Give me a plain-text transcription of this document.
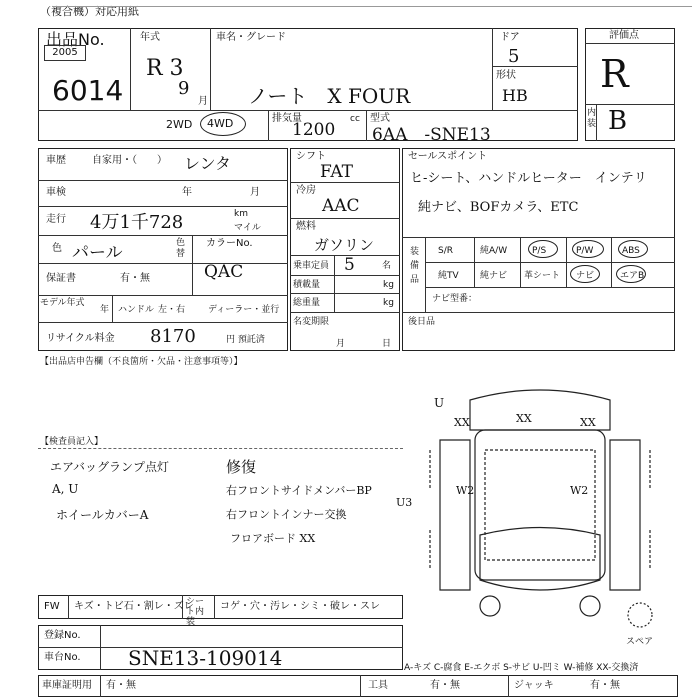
（複合機）対応用紙
出品No.
2005
6014
年式
R 3
9
月
車名・グレード
ノート　X FOUR
ドア
5
形状
HB
2WD 4WD	排気量
1200
cc 型式
6AA　-SNE13
評価点
R
内装 B
車歴	自家用・（　　） レンタ
車検	年	月
走行 4万1千728	km
マイル
色 パール	色替
カラーNo.
QAC
保証書	有・無
モデル年式
年 ハンドル 左・右	ディーラー・並行
リサイクル料金 8170	円 預託済
シフト
FAT
冷房
AAC
燃料
ガソリン
乗車定員 5	名
積載量	kg
総重量	kg
名変期限
月	日
セールスポイント
ヒ-シート、ハンドルヒーター　インテリ
純ナビ、BOFカメラ、ETC
装備品
S/R	純A/W	P/S	P/W	ABS
純TV 純ナビ 革シート ナビ	エアB
ナビ型番：
後日品
【出品店申告欄（不良箇所・欠品・注意事項等）】
【検査員記入】
エアバッグランプ点灯
A, U
ホイールカバーA
修復
右フロントサイドメンバーBP
右フロントインナー交換
フロアボード XX
U
XX
XX	XX
W2	W2
U3
スペア
A-キズ C-腐食 E-エクボ S-サビ U-凹ミ W-補修 XX-交換済
FW キズ・トビ石・割レ・ズレ
シート内装
コゲ・穴・汚レ・シミ・破レ・スレ
登録No.
車台No. SNE13-109014
車庫証明用 有・無	工具	有・無	ジャッキ	有・無
